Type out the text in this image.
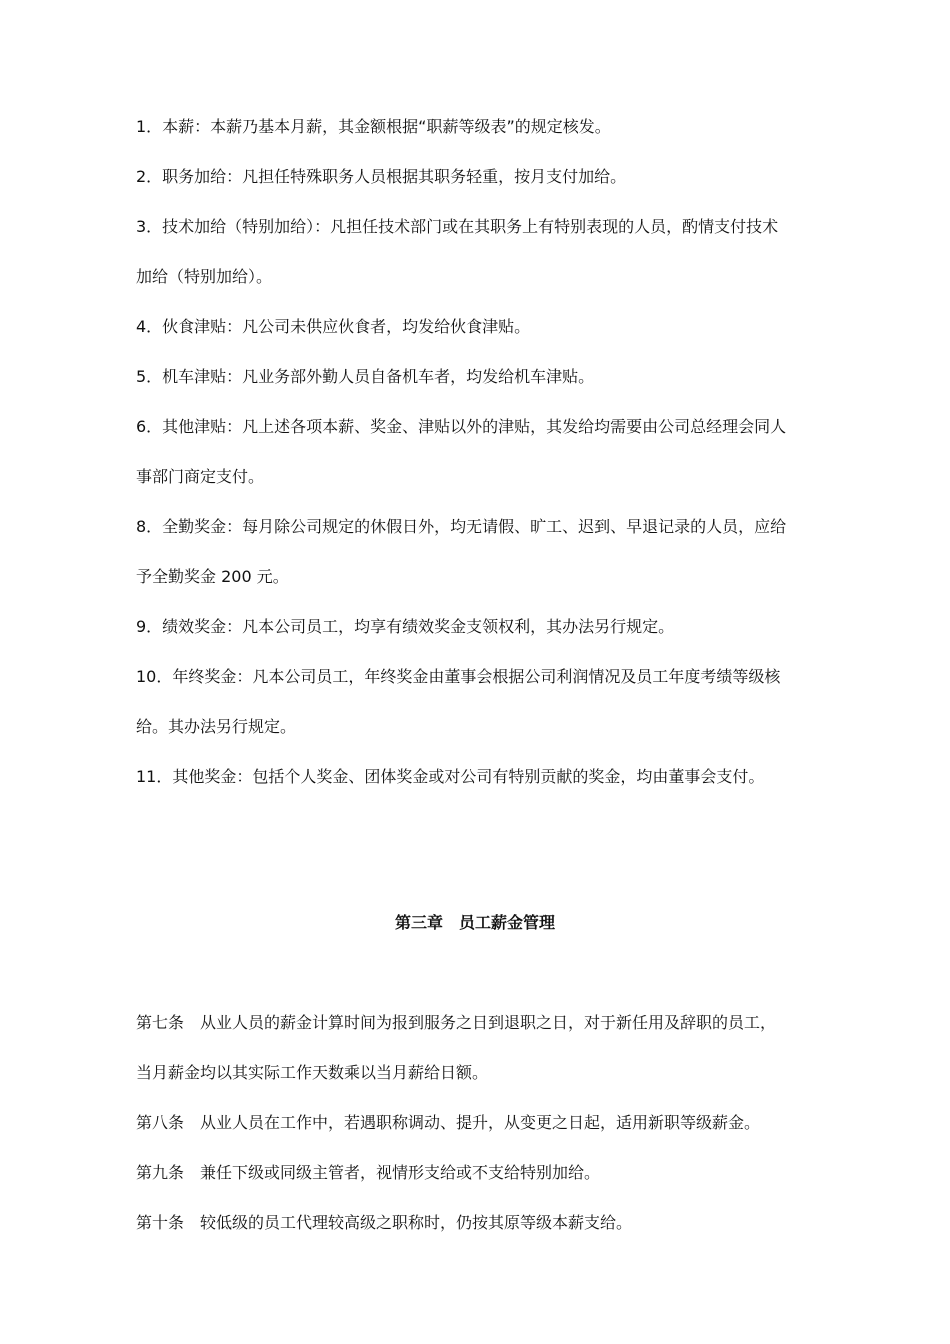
1．本薪：本薪乃基本月薪，其金额根据“职薪等级表”的规定核发。
2．职务加给：凡担任特殊职务人员根据其职务轻重，按月支付加给。
3．技术加给（特别加给）：凡担任技术部门或在其职务上有特别表现的人员，酌情支付技术
加给（特别加给）。
4．伙食津贴：凡公司未供应伙食者，均发给伙食津贴。
5．机车津贴：凡业务部外勤人员自备机车者，均发给机车津贴。
6．其他津贴：凡上述各项本薪、奖金、津贴以外的津贴，其发给均需要由公司总经理会同人
事部门商定支付。
8．全勤奖金：每月除公司规定的休假日外，均无请假、旷工、迟到、早退记录的人员，应给
予全勤奖金 200 元。
9．绩效奖金：凡本公司员工，均享有绩效奖金支领权利，其办法另行规定。
10．年终奖金：凡本公司员工，年终奖金由董事会根据公司利润情况及员工年度考绩等级核
给。其办法另行规定。
11．其他奖金：包括个人奖金、团体奖金或对公司有特别贡献的奖金，均由董事会支付。
第三章　员工薪金管理
第七条　从业人员的薪金计算时间为报到服务之日到退职之日，对于新任用及辞职的员工，
当月薪金均以其实际工作天数乘以当月薪给日额。
第八条　从业人员在工作中，若遇职称调动、提升，从变更之日起，适用新职等级薪金。
第九条　兼任下级或同级主管者，视情形支给或不支给特别加给。
第十条　较低级的员工代理较高级之职称时，仍按其原等级本薪支给。
